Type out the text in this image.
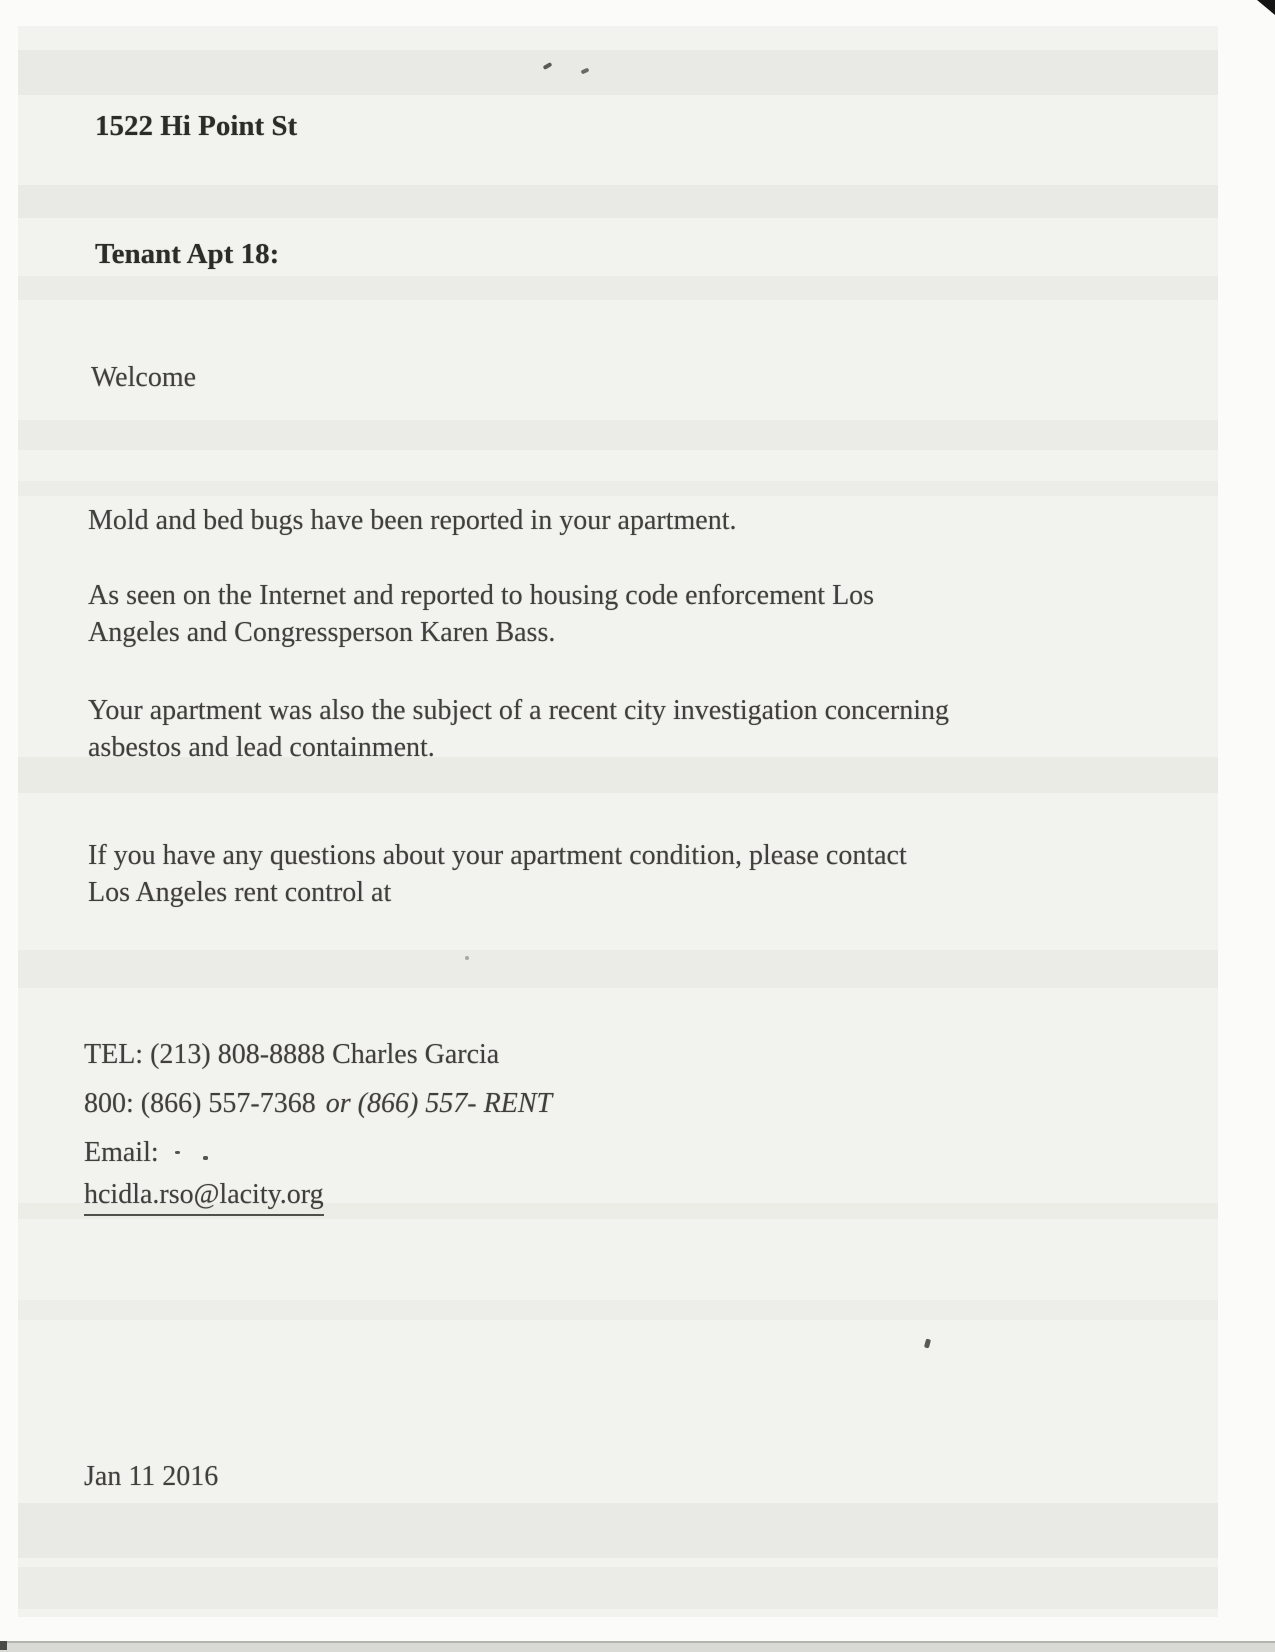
1522 Hi Point St
Tenant Apt 18:
Welcome
Mold and bed bugs have been reported in your apartment.
As seen on the Internet and reported to housing code enforcement Los
Angeles and Congressperson Karen Bass.
Your apartment was also the subject of a recent city investigation concerning
asbestos and lead containment.
If you have any questions about your apartment condition, please contact
Los Angeles rent control at
TEL: (213) 808-8888 Charles Garcia
800: (866) 557-7368 or (866) 557- RENT
Email:
hcidla.rso@lacity.org
Jan 11 2016
